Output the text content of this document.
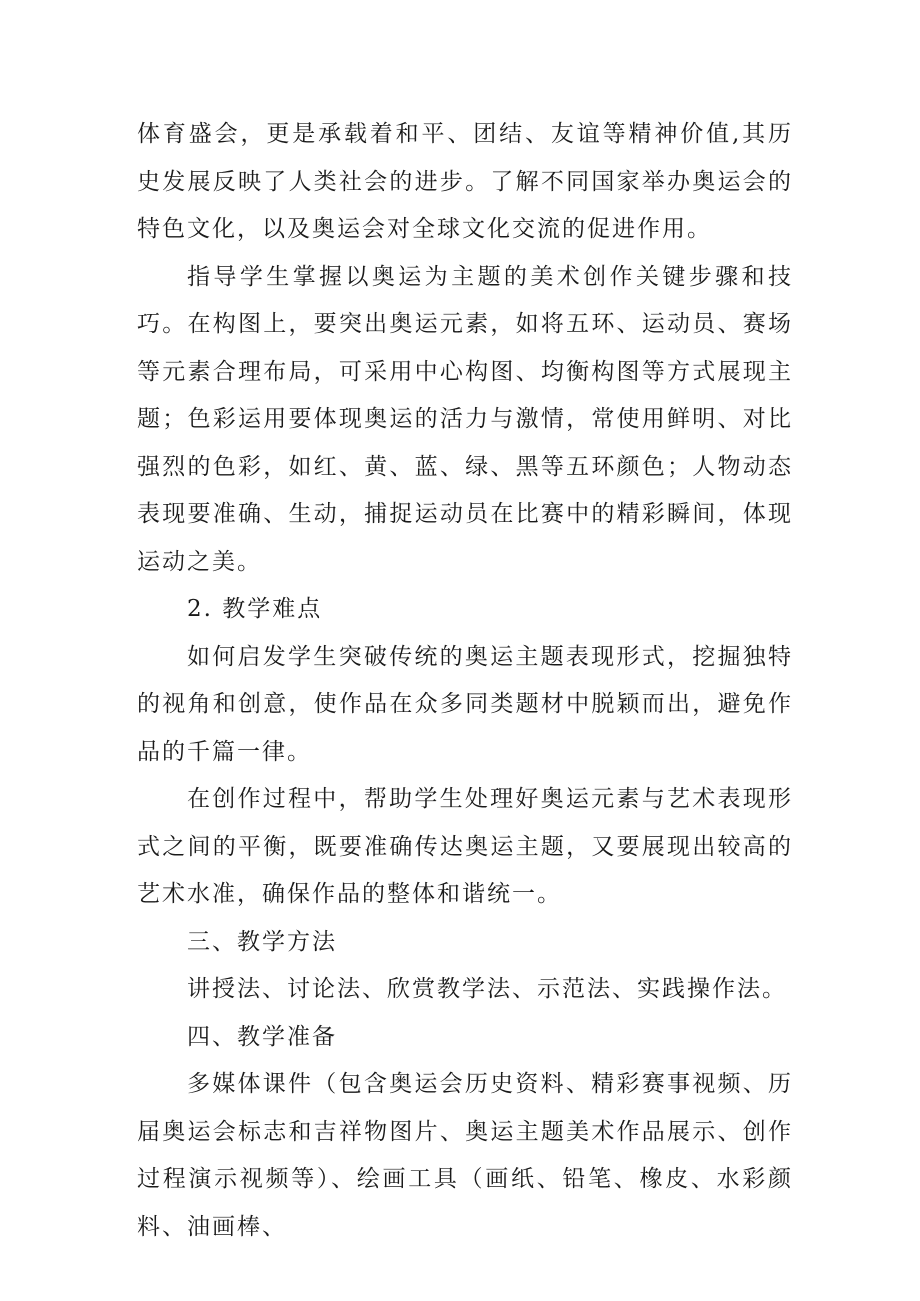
体育盛会，更是承载着和平、团结、友谊等精神价值,其历史发展反映了人类社会的进步。了解不同国家举办奥运会的特色文化，以及奥运会对全球文化交流的促进作用。

指导学生掌握以奥运为主题的美术创作关键步骤和技巧。在构图上，要突出奥运元素，如将五环、运动员、赛场等元素合理布局，可采用中心构图、均衡构图等方式展现主题；色彩运用要体现奥运的活力与激情，常使用鲜明、对比强烈的色彩，如红、黄、蓝、绿、黑等五环颜色；人物动态表现要准确、生动，捕捉运动员在比赛中的精彩瞬间，体现运动之美。

2. 教学难点

如何启发学生突破传统的奥运主题表现形式，挖掘独特的视角和创意，使作品在众多同类题材中脱颖而出，避免作品的千篇一律。

在创作过程中，帮助学生处理好奥运元素与艺术表现形式之间的平衡，既要准确传达奥运主题，又要展现出较高的艺术水准，确保作品的整体和谐统一。

三、教学方法

讲授法、讨论法、欣赏教学法、示范法、实践操作法。

四、教学准备

多媒体课件（包含奥运会历史资料、精彩赛事视频、历届奥运会标志和吉祥物图片、奥运主题美术作品展示、创作过程演示视频等）、绘画工具（画纸、铅笔、橡皮、水彩颜料、油画棒、
